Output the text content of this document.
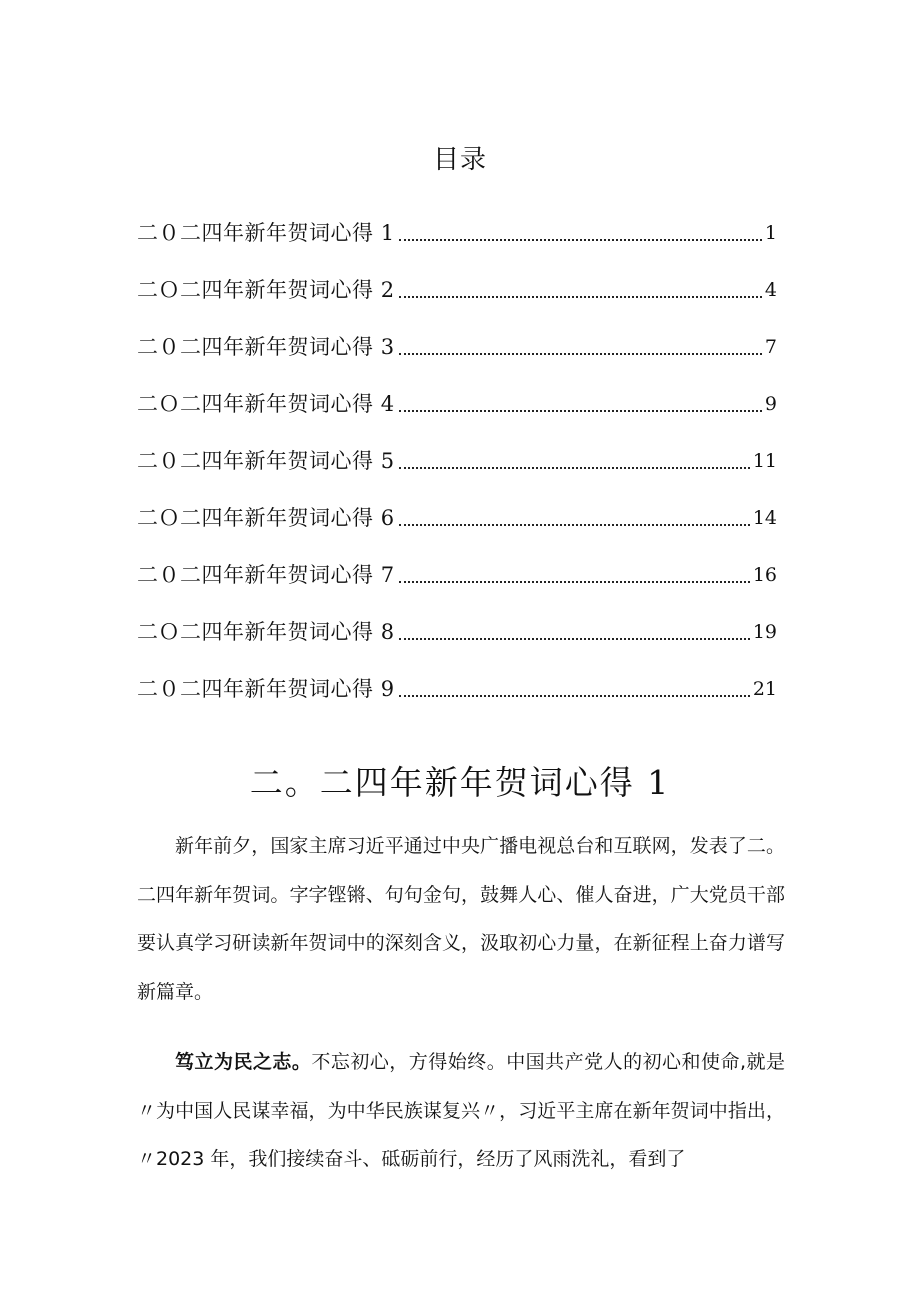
目录
二０二四年新年贺词心得 1	1
二Ｏ二四年新年贺词心得 2	4
二０二四年新年贺词心得 3	7
二Ｏ二四年新年贺词心得 4	9
二０二四年新年贺词心得 5	11
二Ｏ二四年新年贺词心得 6	14
二０二四年新年贺词心得 7	16
二Ｏ二四年新年贺词心得 8	19
二０二四年新年贺词心得 9	21
二。二四年新年贺词心得 1

新年前夕，国家主席习近平通过中央广播电视总台和互联网，发表了二。二四年新年贺词。字字铿锵、句句金句，鼓舞人心、催人奋进，广大党员干部要认真学习研读新年贺词中的深刻含义，汲取初心力量，在新征程上奋力谱写新篇章。

笃立为民之志。不忘初心，方得始终。中国共产党人的初心和使命,就是〃为中国人民谋幸福，为中华民族谋复兴〃，习近平主席在新年贺词中指出，〃2023 年，我们接续奋斗、砥砺前行，经历了风雨洗礼，看到了
